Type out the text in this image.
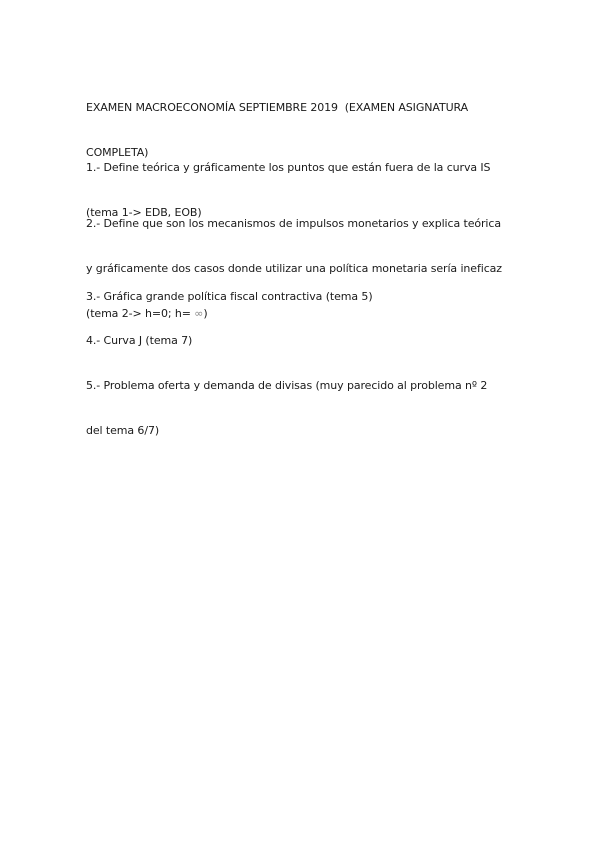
EXAMEN MACROECONOMÍA SEPTIEMBRE 2019  (EXAMEN ASIGNATURA

COMPLETA)

1.- Define teórica y gráficamente los puntos que están fuera de la curva IS

(tema 1-> EDB, EOB)

2.- Define que son los mecanismos de impulsos monetarios y explica teórica

y gráficamente dos casos donde utilizar una política monetaria sería ineficaz

(tema 2-> h=0; h= ∞)

3.- Gráfica grande política fiscal contractiva (tema 5)

4.- Curva J (tema 7)

5.- Problema oferta y demanda de divisas (muy parecido al problema nº 2

del tema 6/7)
